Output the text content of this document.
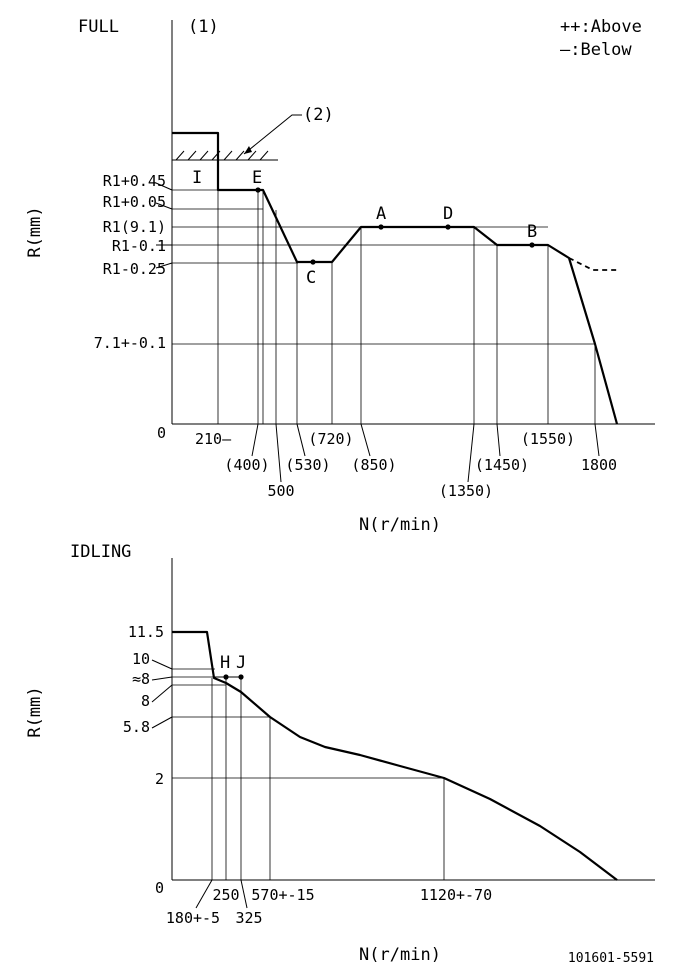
FULL	(1)	++:Above
—:Below
(2)
I	E
C
A	D
B
R1+0.45
R1+0.05
R1(9.1)
R1-0.1
R1-0.25
7.1+-0.1
0
R(mm)
210—
(400)
500
(530)
(720)
(850)
(1350)
(1450)
(1550)
1800
N(r/min)
IDLING
H J
11.5
10
≈8
8
5.8
2
0
R(mm)
180+-5
250
325
570+-15	1120+-70
N(r/min)	101601-5591
